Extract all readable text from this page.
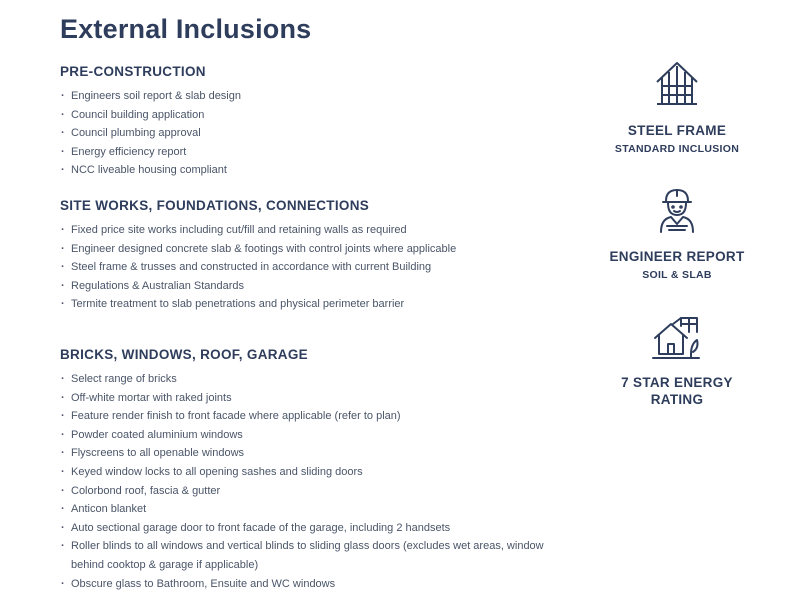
External Inclusions
PRE-CONSTRUCTION
· Engineers soil report & slab design
· Council building application
· Council plumbing approval
· Energy efficiency report
· NCC liveable housing compliant
SITE WORKS, FOUNDATIONS, CONNECTIONS
· Fixed price site works including cut/fill and retaining walls as required
· Engineer designed concrete slab & footings with control joints where applicable
· Steel frame & trusses and constructed in accordance with current Building
· Regulations & Australian Standards
· Termite treatment to slab penetrations and physical perimeter barrier
BRICKS, WINDOWS, ROOF, GARAGE
· Select range of bricks
· Off-white mortar with raked joints
· Feature render finish to front facade where applicable (refer to plan)
· Powder coated aluminium windows
· Flyscreens to all openable windows
· Keyed window locks to all opening sashes and sliding doors
· Colorbond roof, fascia & gutter
· Anticon blanket
· Auto sectional garage door to front facade of the garage, including 2 handsets
· Roller blinds to all windows and vertical blinds to sliding glass doors (excludes wet areas, window behind cooktop & garage if applicable)
· Obscure glass to Bathroom, Ensuite and WC windows
STEEL FRAME
STANDARD INCLUSION
ENGINEER REPORT
SOIL & SLAB
7 STAR ENERGY RATING
